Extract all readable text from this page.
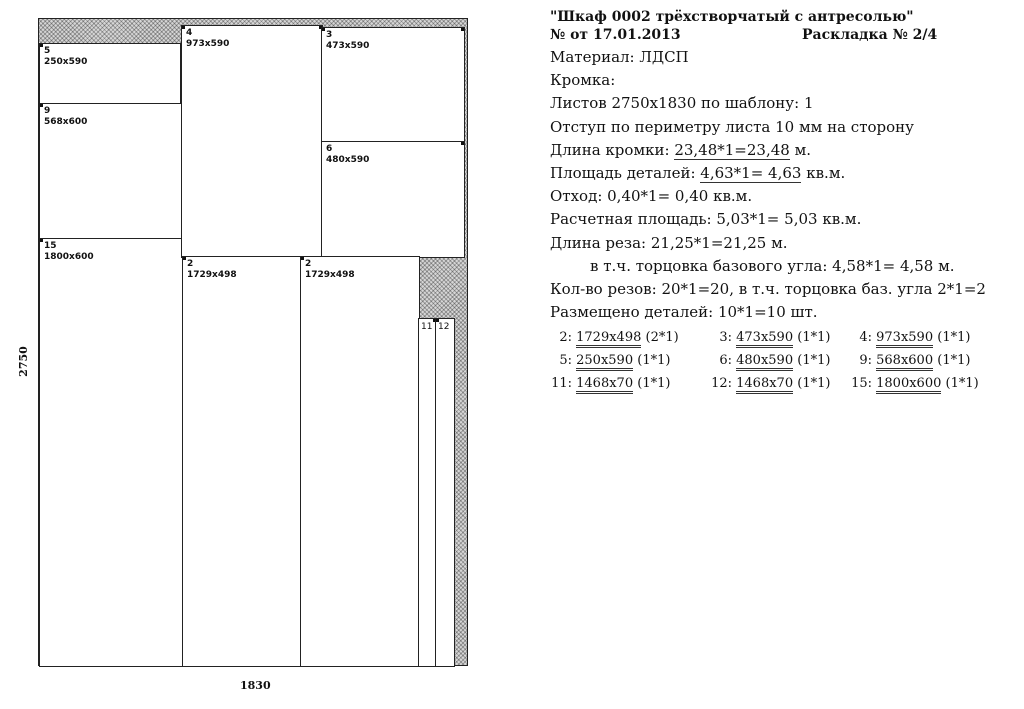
2750
5
250x590
9
568x600
15
1800x600
4
973x590
3
473x590
6
480x590
2
1729x498
2
1729x498
11 12
1830
"Шкаф 0002 трёхстворчатый с антресолью"
№ от 17.01.2013	Раскладка № 2/4
Материал: ЛДСП
Кромка:
Листов 2750x1830 по шаблону: 1
Отступ по периметру листа 10 мм на сторону
Длина кромки: 23,48*1=23,48 м.
Площадь деталей: 4,63*1= 4,63 кв.м.
Отход: 0,40*1= 0,40 кв.м.
Расчетная площадь: 5,03*1= 5,03 кв.м.
Длина реза: 21,25*1=21,25 м.
в т.ч. торцовка базового угла: 4,58*1= 4,58 м.
Кол-во резов: 20*1=20, в т.ч. торцовка баз. угла 2*1=2
Размещено деталей: 10*1=10 шт.
2: 1729x498 (2*1)	3: 473x590 (1*1)	4: 973x590 (1*1)
5: 250x590 (1*1)	6: 480x590 (1*1)	9: 568x600 (1*1)
11: 1468x70 (1*1)	12: 1468x70 (1*1)	15: 1800x600 (1*1)
